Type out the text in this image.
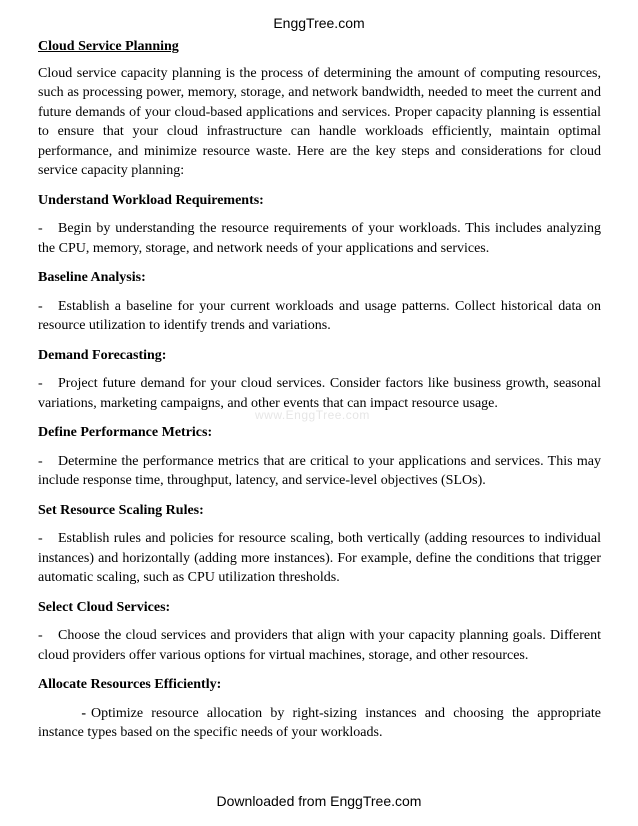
EnggTree.com
www.EnggTree.com
Cloud Service Planning
Cloud service capacity planning is the process of determining the amount of computing resources, such as processing power, memory, storage, and network bandwidth, needed to meet the current and future demands of your cloud-based applications and services. Proper capacity planning is essential to ensure that your cloud infrastructure can handle workloads efficiently, maintain optimal performance, and minimize resource waste. Here are the key steps and considerations for cloud service capacity planning:
Understand Workload Requirements:
- Begin by understanding the resource requirements of your workloads. This includes analyzing the CPU, memory, storage, and network needs of your applications and services.
Baseline Analysis:
- Establish a baseline for your current workloads and usage patterns. Collect historical data on resource utilization to identify trends and variations.
Demand Forecasting:
- Project future demand for your cloud services. Consider factors like business growth, seasonal variations, marketing campaigns, and other events that can impact resource usage.
Define Performance Metrics:
- Determine the performance metrics that are critical to your applications and services. This may include response time, throughput, latency, and service-level objectives (SLOs).
Set Resource Scaling Rules:
- Establish rules and policies for resource scaling, both vertically (adding resources to individual instances) and horizontally (adding more instances). For example, define the conditions that trigger automatic scaling, such as CPU utilization thresholds.
Select Cloud Services:
- Choose the cloud services and providers that align with your capacity planning goals. Different cloud providers offer various options for virtual machines, storage, and other resources.
Allocate Resources Efficiently:
- Optimize resource allocation by right-sizing instances and choosing the appropriate instance types based on the specific needs of your workloads.
Downloaded from EnggTree.com
